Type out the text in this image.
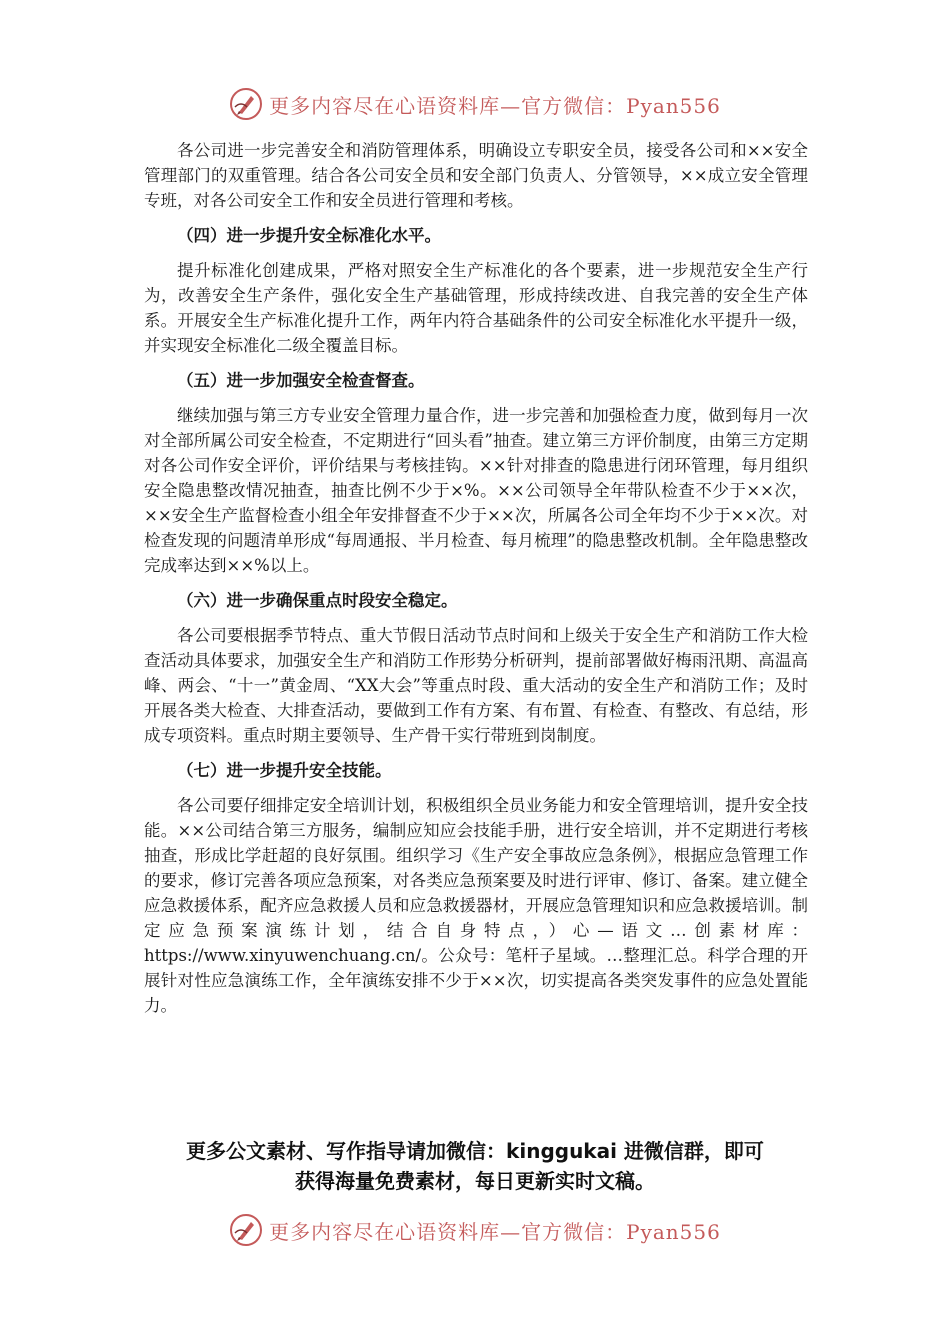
更多内容尽在心语资料库—官方微信：Pyan556

各公司进一步完善安全和消防管理体系，明确设立专职安全员，接受各公司和××安全管理部门的双重管理。结合各公司安全员和安全部门负责人、分管领导，××成立安全管理专班，对各公司安全工作和安全员进行管理和考核。

（四）进一步提升安全标准化水平。

提升标准化创建成果，严格对照安全生产标准化的各个要素，进一步规范安全生产行为，改善安全生产条件，强化安全生产基础管理，形成持续改进、自我完善的安全生产体系。开展安全生产标准化提升工作，两年内符合基础条件的公司安全标准化水平提升一级，并实现安全标准化二级全覆盖目标。

（五）进一步加强安全检查督查。

继续加强与第三方专业安全管理力量合作，进一步完善和加强检查力度，做到每月一次对全部所属公司安全检查，不定期进行“回头看”抽查。建立第三方评价制度，由第三方定期对各公司作安全评价，评价结果与考核挂钩。××针对排查的隐患进行闭环管理，每月组织安全隐患整改情况抽查，抽查比例不少于×%。××公司领导全年带队检查不少于××次，××安全生产监督检查小组全年安排督查不少于××次，所属各公司全年均不少于××次。对检查发现的问题清单形成“每周通报、半月检查、每月梳理”的隐患整改机制。全年隐患整改完成率达到××%以上。

（六）进一步确保重点时段安全稳定。

各公司要根据季节特点、重大节假日活动节点时间和上级关于安全生产和消防工作大检查活动具体要求，加强安全生产和消防工作形势分析研判，提前部署做好梅雨汛期、高温高峰、两会、“十一”黄金周、“XX大会”等重点时段、重大活动的安全生产和消防工作；及时开展各类大检查、大排查活动，要做到工作有方案、有布置、有检查、有整改、有总结，形成专项资料。重点时期主要领导、生产骨干实行带班到岗制度。

（七）进一步提升安全技能。

各公司要仔细排定安全培训计划，积极组织全员业务能力和安全管理培训，提升安全技能。××公司结合第三方服务，编制应知应会技能手册，进行安全培训，并不定期进行考核抽查，形成比学赶超的良好氛围。组织学习《生产安全事故应急条例》，根据应急管理工作的要求，修订完善各项应急预案，对各类应急预案要及时进行评审、修订、备案。建立健全应急救援体系，配齐应急救援人员和应急救援器材，开展应急管理知识和应急救援培训。制定应急预案演练计划，结合自身特点，）心—语文…创素材库：https://www.xinyuwenchuang.cn/。公众号：笔杆子星域。…整理汇总。科学合理的开展针对性应急演练工作，全年演练安排不少于××次，切实提高各类突发事件的应急处置能力。

更多公文素材、写作指导请加微信：kinggukai 进微信群，即可
获得海量免费素材，每日更新实时文稿。
更多内容尽在心语资料库—官方微信：Pyan556
